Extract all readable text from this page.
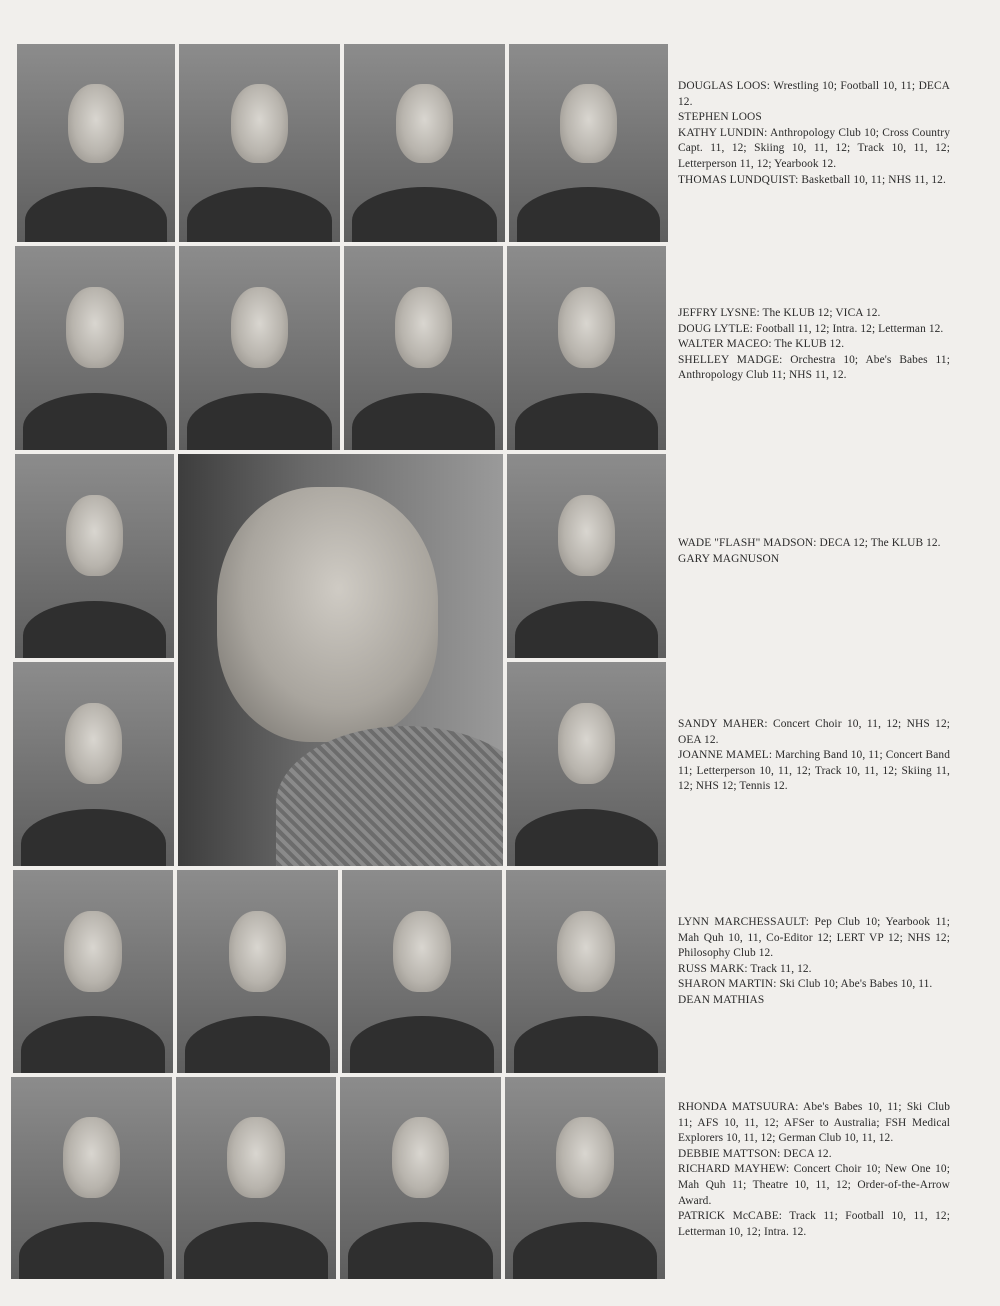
DOUGLAS LOOS: Wrestling 10; Football 10, 11; DECA 12.

STEPHEN LOOS

KATHY LUNDIN: Anthropology Club 10; Cross Country Capt. 11, 12; Skiing 10, 11, 12; Track 10, 11, 12; Letterperson 11, 12; Yearbook 12.

THOMAS LUNDQUIST: Basketball 10, 11; NHS 11, 12.

JEFFRY LYSNE: The KLUB 12; VICA 12.

DOUG LYTLE: Football 11, 12; Intra. 12; Letterman 12.

WALTER MACEO: The KLUB 12.

SHELLEY MADGE: Orchestra 10; Abe's Babes 11; Anthropology Club 11; NHS 11, 12.

WADE "FLASH" MADSON: DECA 12; The KLUB 12.

GARY MAGNUSON

SANDY MAHER: Concert Choir 10, 11, 12; NHS 12; OEA 12.

JOANNE MAMEL: Marching Band 10, 11; Concert Band 11; Letterperson 10, 11, 12; Track 10, 11, 12; Skiing 11, 12; NHS 12; Tennis 12.

LYNN MARCHESSAULT: Pep Club 10; Yearbook 11; Mah Quh 10, 11, Co-Editor 12; LERT VP 12; NHS 12; Philosophy Club 12.

RUSS MARK: Track 11, 12.

SHARON MARTIN: Ski Club 10; Abe's Babes 10, 11.

DEAN MATHIAS

RHONDA MATSUURA: Abe's Babes 10, 11; Ski Club 11; AFS 10, 11, 12; AFSer to Australia; FSH Medical Explorers 10, 11, 12; German Club 10, 11, 12.

DEBBIE MATTSON: DECA 12.

RICHARD MAYHEW: Concert Choir 10; New One 10; Mah Quh 11; Theatre 10, 11, 12; Order-of-the-Arrow Award.

PATRICK McCABE: Track 11; Football 10, 11, 12; Letterman 10, 12; Intra. 12.
